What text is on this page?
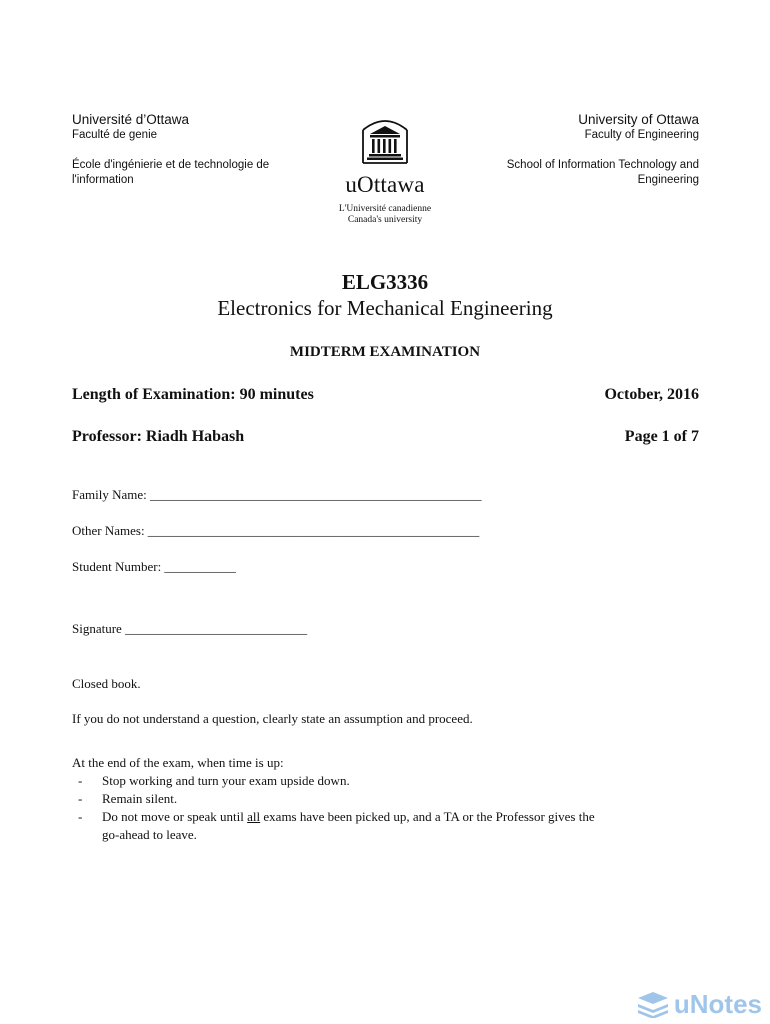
Université d’Ottawa
Faculté de genie
École d'ingénierie et de technologie de
l'information	uOttawa
L'Université canadienne
Canada's university
University of Ottawa
Faculty of Engineering
School of Information Technology and
Engineering
ELG3336
Electronics for Mechanical Engineering
MIDTERM EXAMINATION
Length of Examination: 90 minutes	October, 2016
Professor: Riadh Habash	Page 1 of 7
Family Name: ___________________________________________________
Other Names: ___________________________________________________
Student Number: ___________
Signature ____________________________
Closed book.
If you do not understand a question, clearly state an assumption and proceed.
At the end of the exam, when time is up:
- Stop working and turn your exam upside down.
- Remain silent.
- Do not move or speak until all exams have been picked up, and a TA or the Professor gives the
go-ahead to leave.
uNotes
